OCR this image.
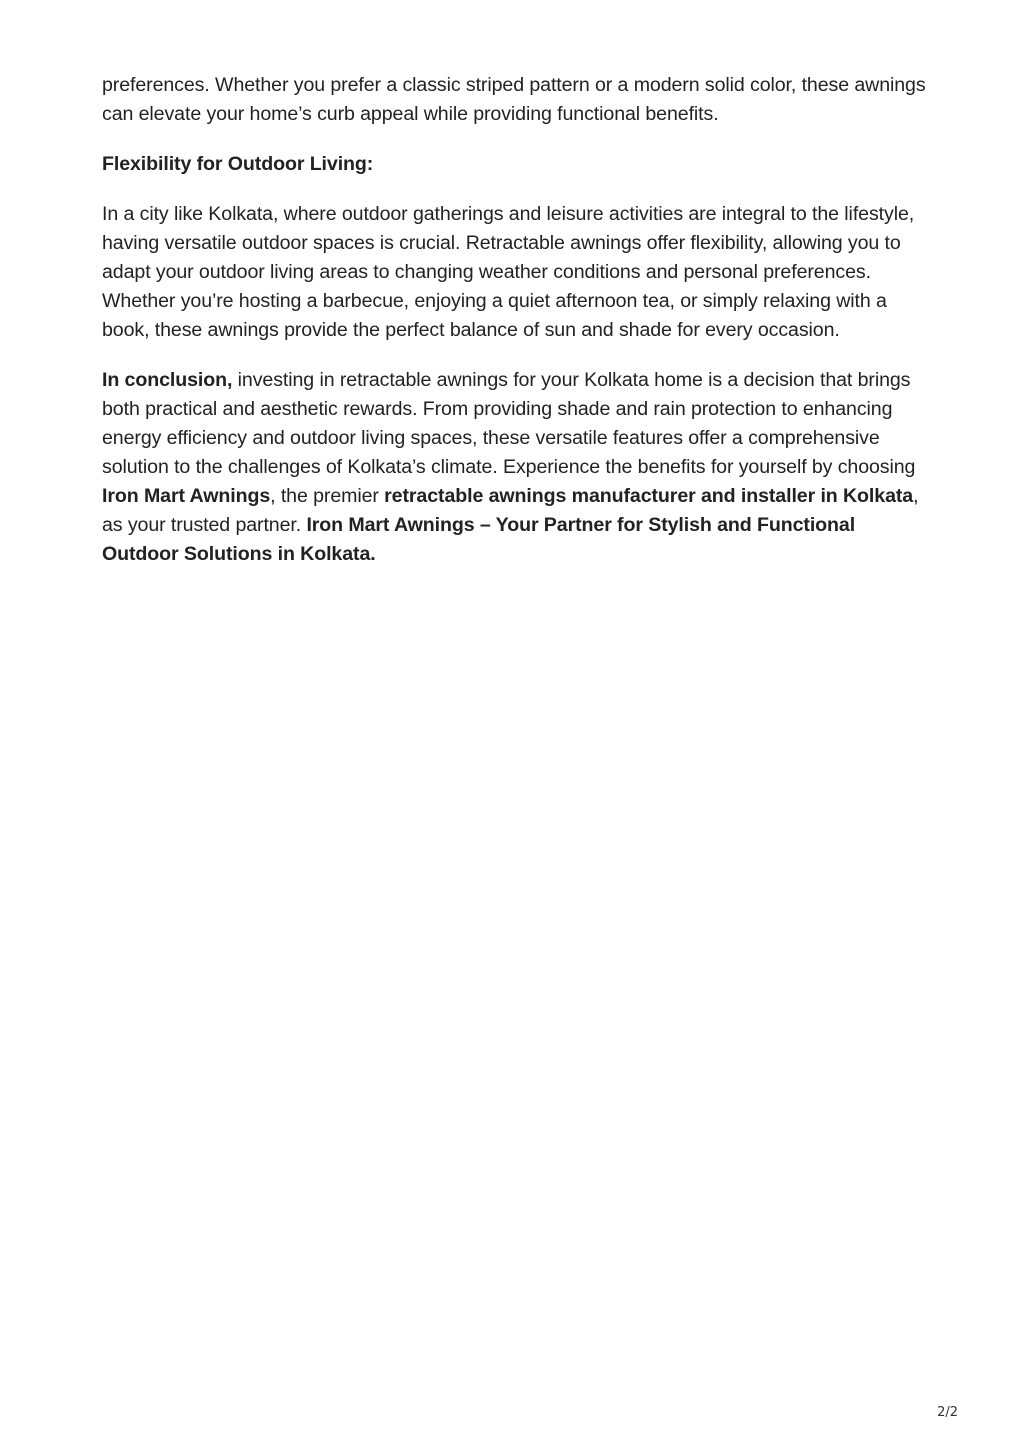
preferences. Whether you prefer a classic striped pattern or a modern solid color, these awnings can elevate your home’s curb appeal while providing functional benefits.

Flexibility for Outdoor Living:

In a city like Kolkata, where outdoor gatherings and leisure activities are integral to the lifestyle, having versatile outdoor spaces is crucial. Retractable awnings offer flexibility, allowing you to adapt your outdoor living areas to changing weather conditions and personal preferences. Whether you’re hosting a barbecue, enjoying a quiet afternoon tea, or simply relaxing with a book, these awnings provide the perfect balance of sun and shade for every occasion.

In conclusion, investing in retractable awnings for your Kolkata home is a decision that brings both practical and aesthetic rewards. From providing shade and rain protection to enhancing energy efficiency and outdoor living spaces, these versatile features offer a comprehensive solution to the challenges of Kolkata’s climate. Experience the benefits for yourself by choosing Iron Mart Awnings, the premier retractable awnings manufacturer and installer in Kolkata, as your trusted partner. Iron Mart Awnings – Your Partner for Stylish and Functional Outdoor Solutions in Kolkata.

2/2
